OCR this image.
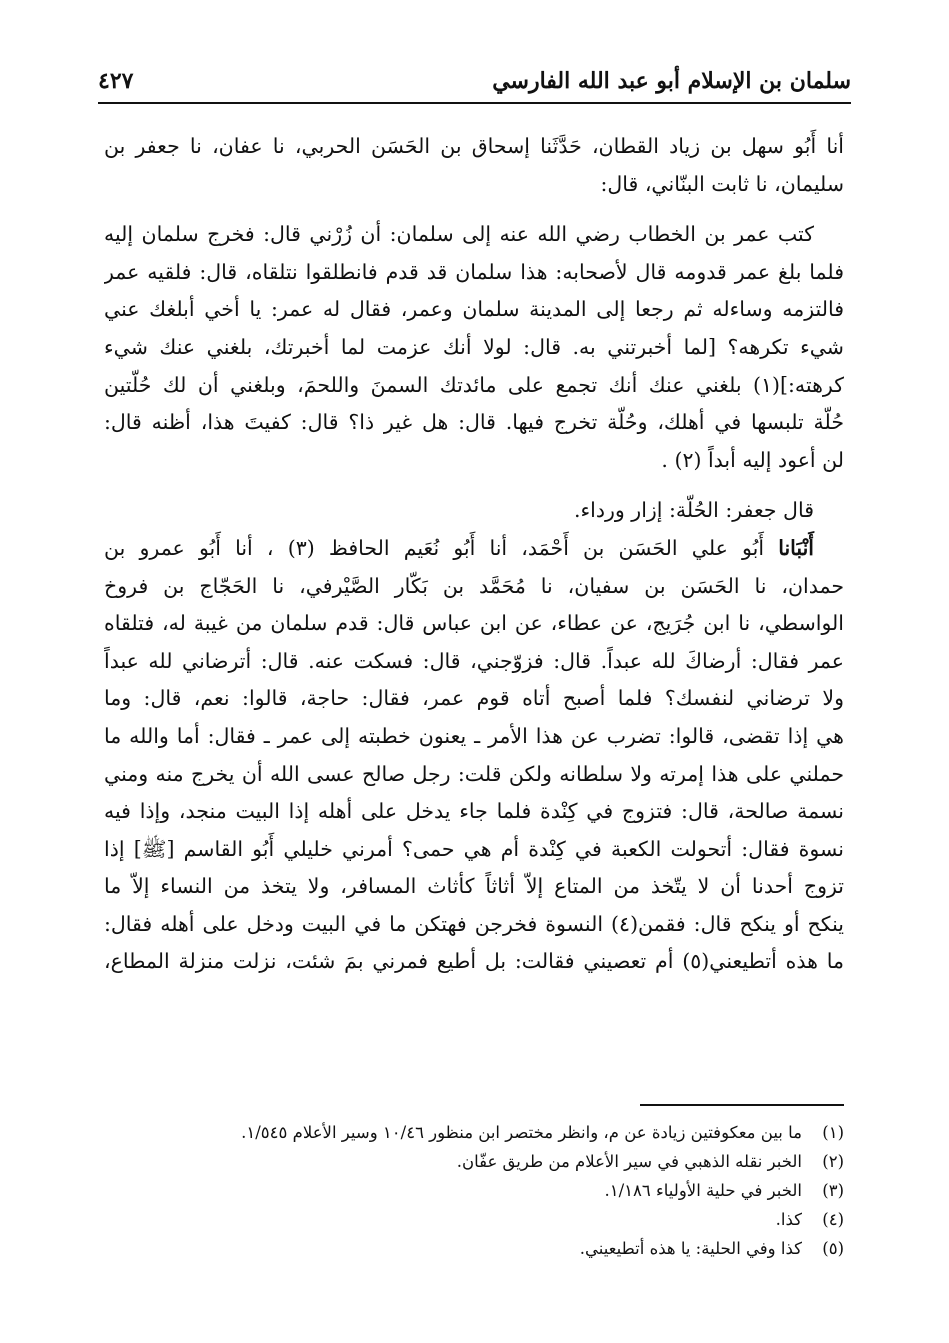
سلمان بن الإسلام أبو عبد الله الفارسي
٤٢٧
أنا أَبُو سهل بن زياد القطان، حَدَّثَنا إسحاق بن الحَسَن الحربي، نا عفان، نا جعفر بن
سليمان، نا ثابت البنّاني، قال:
كتب عمر بن الخطاب رضي الله عنه إلى سلمان: أن زُرْني قال: فخرج سلمان إليه
فلما بلغ عمر قدومه قال لأصحابه: هذا سلمان قد قدم فانطلقوا نتلقاه، قال: فلقيه عمر
فالتزمه وساءله ثم رجعا إلى المدينة سلمان وعمر، فقال له عمر: يا أخي أبلغك عني
شيء تكرهه؟ [لما أخبرتني به. قال: لولا أنك عزمت لما أخبرتك، بلغني عنك شيء
كرهته:](١) بلغني عنك أنك تجمع على مائدتك السمنَ واللحمَ، وبلغني أن لك حُلّتين
حُلّة تلبسها في أهلك، وحُلّة تخرج فيها. قال: هل غير ذا؟ قال: كفيتَ هذا، أظنه قال:
لن أعود إليه أبداً (٢) .
قال جعفر: الحُلّة: إزار ورداء.
أَنْبَانا أَبُو علي الحَسَن بن أَحْمَد، أنا أَبُو نُعَيم الحافظ (٣) ، أنا أَبُو عمرو بن
حمدان، نا الحَسَن بن سفيان، نا مُحَمَّد بن بَكّار الصَّيْرفي، نا الحَجّاج بن فروخ
الواسطي، نا ابن جُرَيج، عن عطاء، عن ابن عباس قال: قدم سلمان من غيبة له، فتلقاه
عمر فقال: أرضاكَ لله عبداً. قال: فزوّجني، قال: فسكت عنه. قال: أترضاني لله عبداً
ولا ترضاني لنفسك؟ فلما أصبح أتاه قوم عمر، فقال: حاجة، قالوا: نعم، قال: وما
هي إذا تقضى، قالوا: تضرب عن هذا الأمر ـ يعنون خطبته إلى عمر ـ فقال: أما والله ما
حملني على هذا إمرته ولا سلطانه ولكن قلت: رجل صالح عسى الله أن يخرج منه ومني
نسمة صالحة، قال: فتزوج في كِنْدة فلما جاء يدخل على أهله إذا البيت منجد، وإذا فيه
نسوة فقال: أتحولت الكعبة في كِنْدة أم هي حمى؟ أمرني خليلي أَبُو القاسم [ﷺ] إذا
تزوج أحدنا أن لا يتّخذ من المتاع إلاّ أثاثاً كأثاث المسافر، ولا يتخذ من النساء إلاّ ما
ينكح أو ينكح قال: فقمن(٤) النسوة فخرجن فهتكن ما في البيت ودخل على أهله فقال:
ما هذه أتطيعني(٥) أم تعصيني فقالت: بل أطيع فمرني بمَ شئت، نزلت منزلة المطاع،
(١)ما بين معكوفتين زيادة عن م، وانظر مختصر ابن منظور ١٠/٤٦ وسير الأعلام ١/٥٤٥.
(٢)الخبر نقله الذهبي في سير الأعلام من طريق عفّان.
(٣)الخبر في حلية الأولياء ١/١٨٦.
(٤)كذا.
(٥)كذا وفي الحلية: يا هذه أتطيعيني.
